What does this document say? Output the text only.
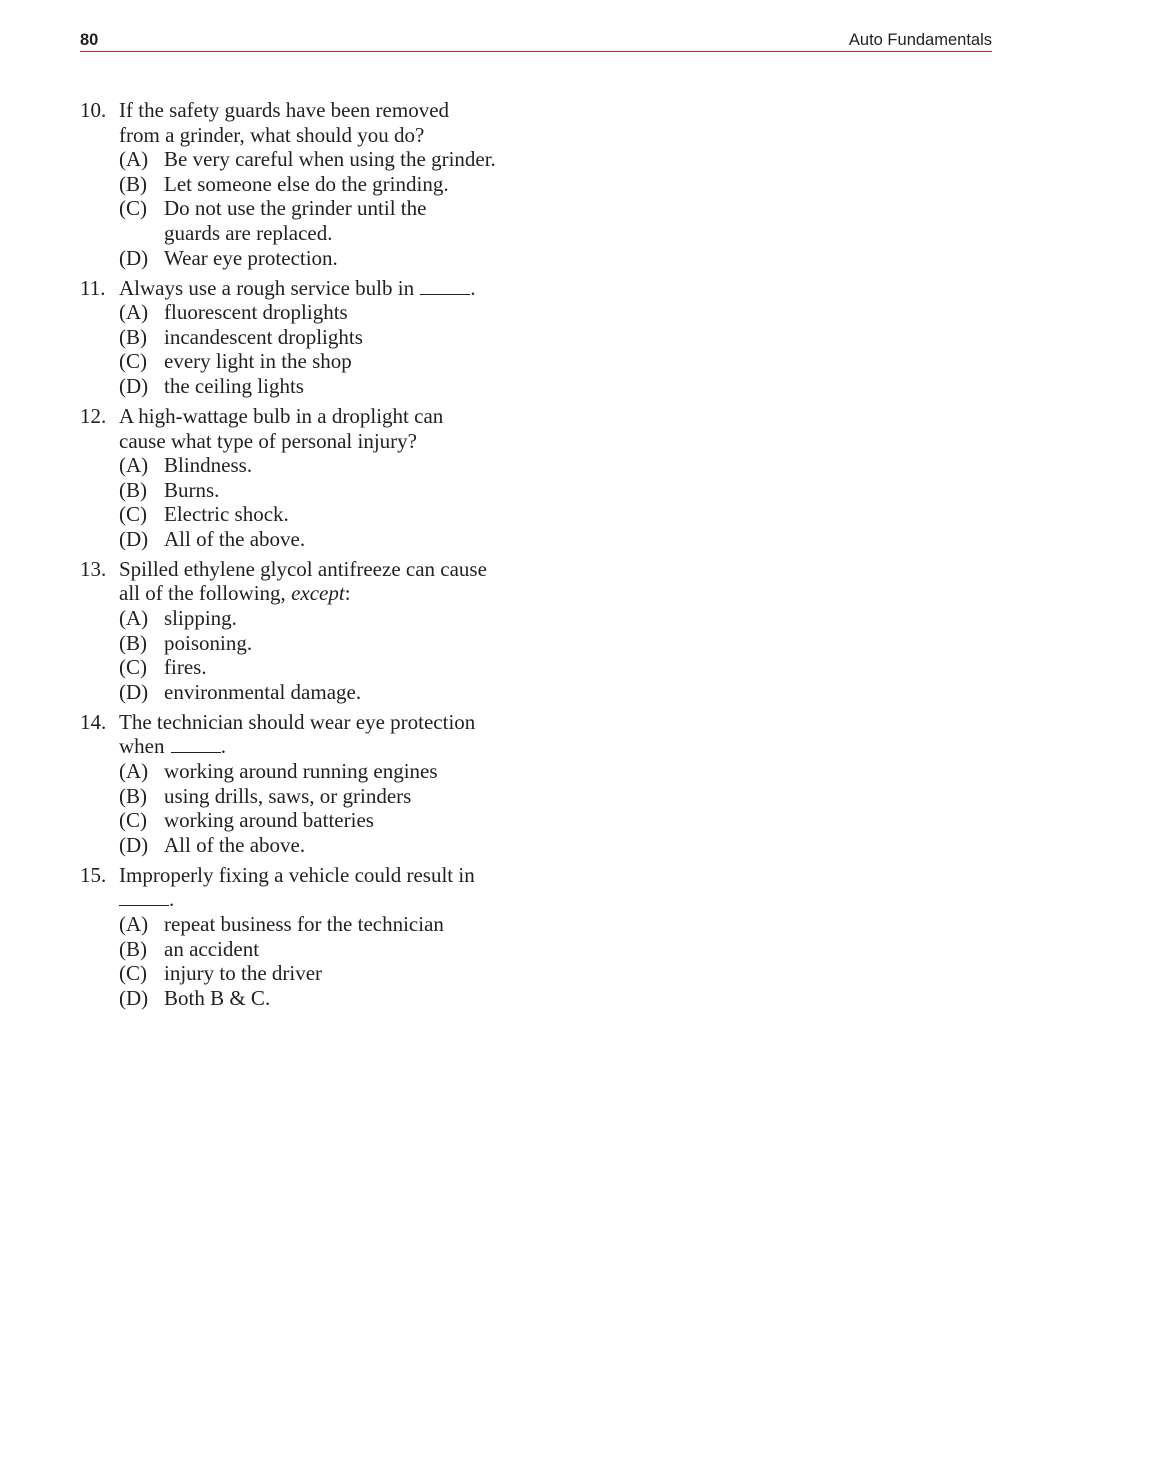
80	Auto Fundamentals
10. If the safety guards have been removed
from a grinder, what should you do?
(A) Be very careful when using the grinder.
(B) Let someone else do the grinding.
(C) Do not use the grinder until the
guards are replaced.
(D) Wear eye protection.
11. Always use a rough service bulb in	.
(A) fluorescent droplights
(B) incandescent droplights
(C) every light in the shop
(D) the ceiling lights
12. A high-wattage bulb in a droplight can
cause what type of personal injury?
(A) Blindness.
(B) Burns.
(C) Electric shock.
(D) All of the above.
13. Spilled ethylene glycol antifreeze can cause
all of the following, except:
(A) slipping.
(B) poisoning.
(C) fires.
(D) environmental damage.
14. The technician should wear eye protection
when	.
(A) working around running engines
(B) using drills, saws, or grinders
(C) working around batteries
(D) All of the above.
15. Improperly fixing a vehicle could result in
.
(A) repeat business for the technician
(B) an accident
(C) injury to the driver
(D) Both B & C.
